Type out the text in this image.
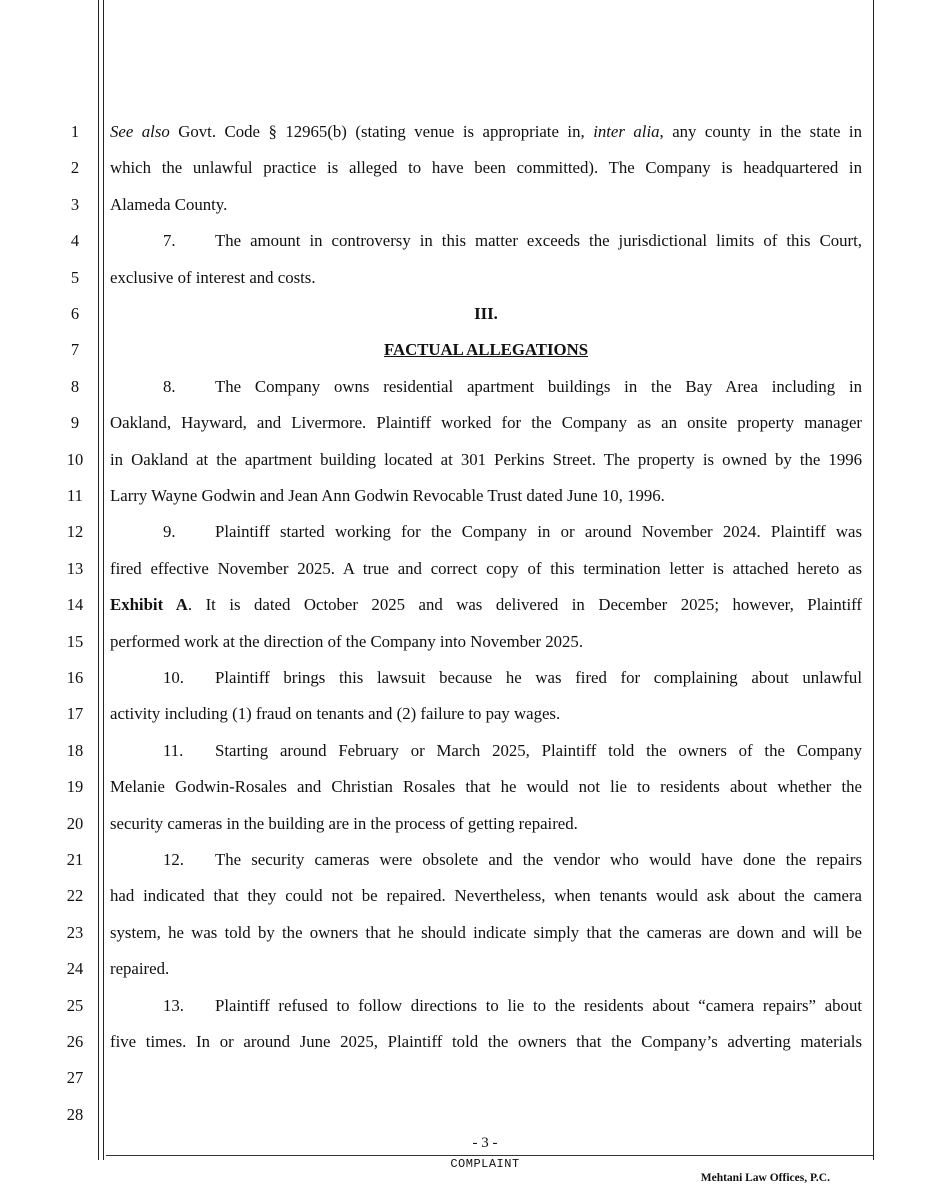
1
2
3
4
5
6
7
8
9
10
11
12
13
14
15
16
17
18
19
20
21
22
23
24
25
26
27
28
See also Govt. Code § 12965(b) (stating venue is appropriate in, inter alia, any county in the state in
which the unlawful practice is alleged to have been committed). The Company is headquartered in
Alameda County.
7. The amount in controversy in this matter exceeds the jurisdictional limits of this Court,
exclusive of interest and costs.
III.
FACTUAL ALLEGATIONS
8. The Company owns residential apartment buildings in the Bay Area including in
Oakland, Hayward, and Livermore. Plaintiff worked for the Company as an onsite property manager
in Oakland at the apartment building located at 301 Perkins Street. The property is owned by the 1996
Larry Wayne Godwin and Jean Ann Godwin Revocable Trust dated June 10, 1996.
9. Plaintiff started working for the Company in or around November 2024. Plaintiff was
fired effective November 2025. A true and correct copy of this termination letter is attached hereto as
Exhibit A. It is dated October 2025 and was delivered in December 2025; however, Plaintiff
performed work at the direction of the Company into November 2025.
10. Plaintiff brings this lawsuit because he was fired for complaining about unlawful
activity including (1) fraud on tenants and (2) failure to pay wages.
11. Starting around February or March 2025, Plaintiff told the owners of the Company
Melanie Godwin-Rosales and Christian Rosales that he would not lie to residents about whether the
security cameras in the building are in the process of getting repaired.
12. The security cameras were obsolete and the vendor who would have done the repairs
had indicated that they could not be repaired. Nevertheless, when tenants would ask about the camera
system, he was told by the owners that he should indicate simply that the cameras are down and will be
repaired.
13. Plaintiff refused to follow directions to lie to the residents about “camera repairs” about
five times. In or around June 2025, Plaintiff told the owners that the Company’s adverting materials
- 3 -
COMPLAINT
Mehtani Law Offices, P.C.
